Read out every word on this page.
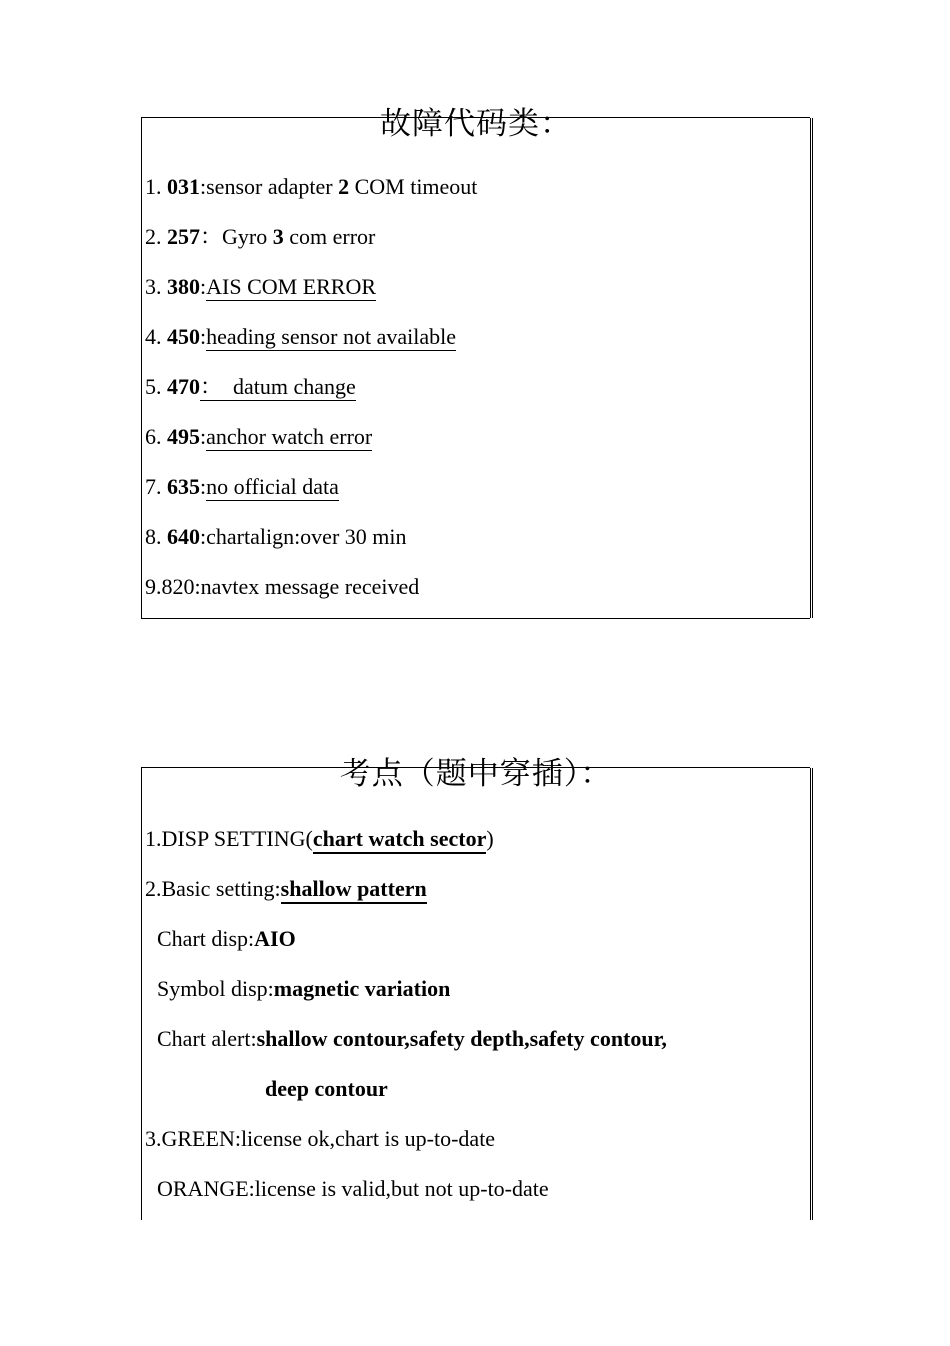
故障代码类：
1. 031:sensor adapter 2 COM timeout
2. 257：Gyro 3 com error
3. 380:AIS COM ERROR
4. 450:heading sensor not available
5. 470：  datum change
6. 495:anchor watch error
7. 635:no official data
8. 640:chartalign:over 30 min
9.820:navtex message received
考点（题中穿插）：
1.DISP SETTING(chart watch sector)
2.Basic setting:shallow pattern
Chart disp:AIO
Symbol disp:magnetic variation
Chart alert:shallow contour,safety depth,safety contour,
deep contour
3.GREEN:license ok,chart is up-to-date
ORANGE:license is valid,but not up-to-date
